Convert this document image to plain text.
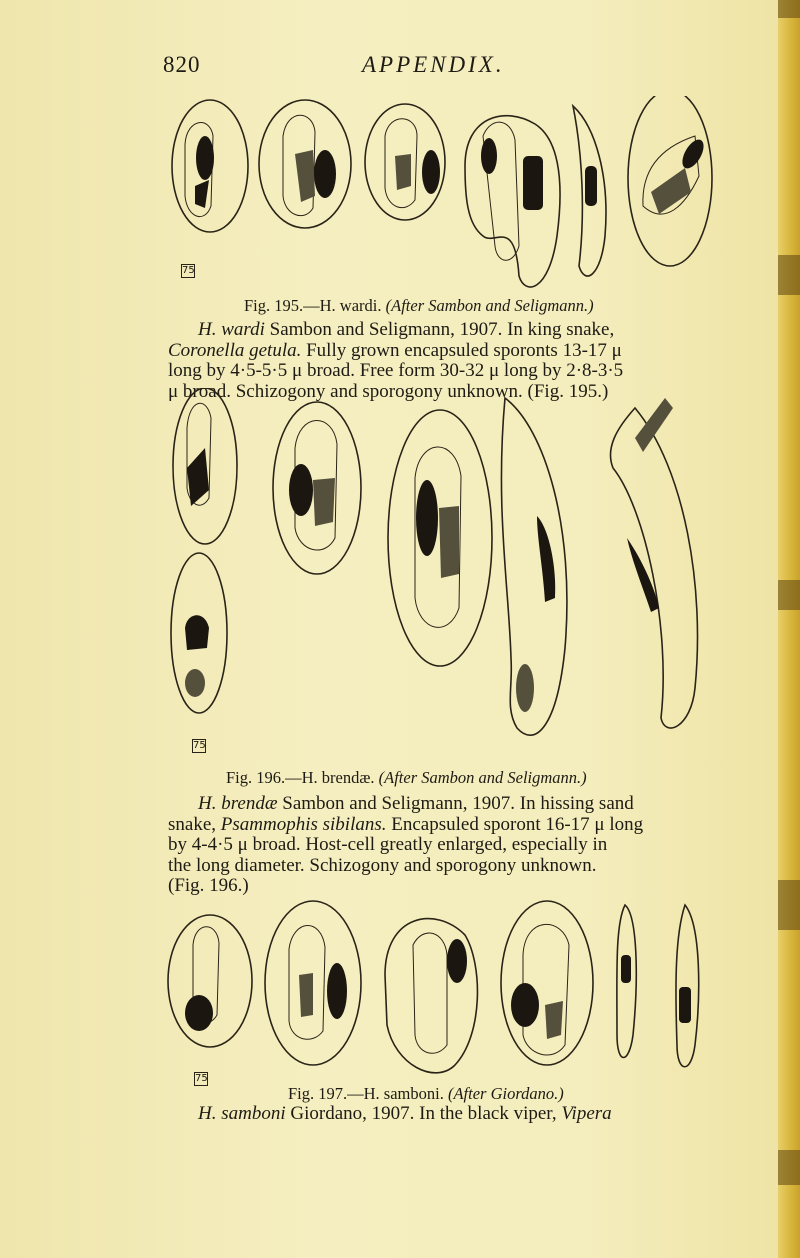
820	APPENDIX.
75
Fig. 195.—H. wardi. (After Sambon and Seligmann.)
H. wardi Sambon and Seligmann, 1907. In king snake,
Coronella getula. Fully grown encapsuled sporonts 13-17 μ
long by 4·5-5·5 μ broad. Free form 30-32 μ long by 2·8-3·5
μ broad. Schizogony and sporogony unknown. (Fig. 195.)
75
Fig. 196.—H. brendæ. (After Sambon and Seligmann.)
H. brendæ Sambon and Seligmann, 1907. In hissing sand
snake, Psammophis sibilans. Encapsuled sporont 16-17 μ long
by 4-4·5 μ broad. Host-cell greatly enlarged, especially in
the long diameter. Schizogony and sporogony unknown.
(Fig. 196.)
75
Fig. 197.—H. samboni. (After Giordano.)
H. samboni Giordano, 1907. In the black viper, Vipera
